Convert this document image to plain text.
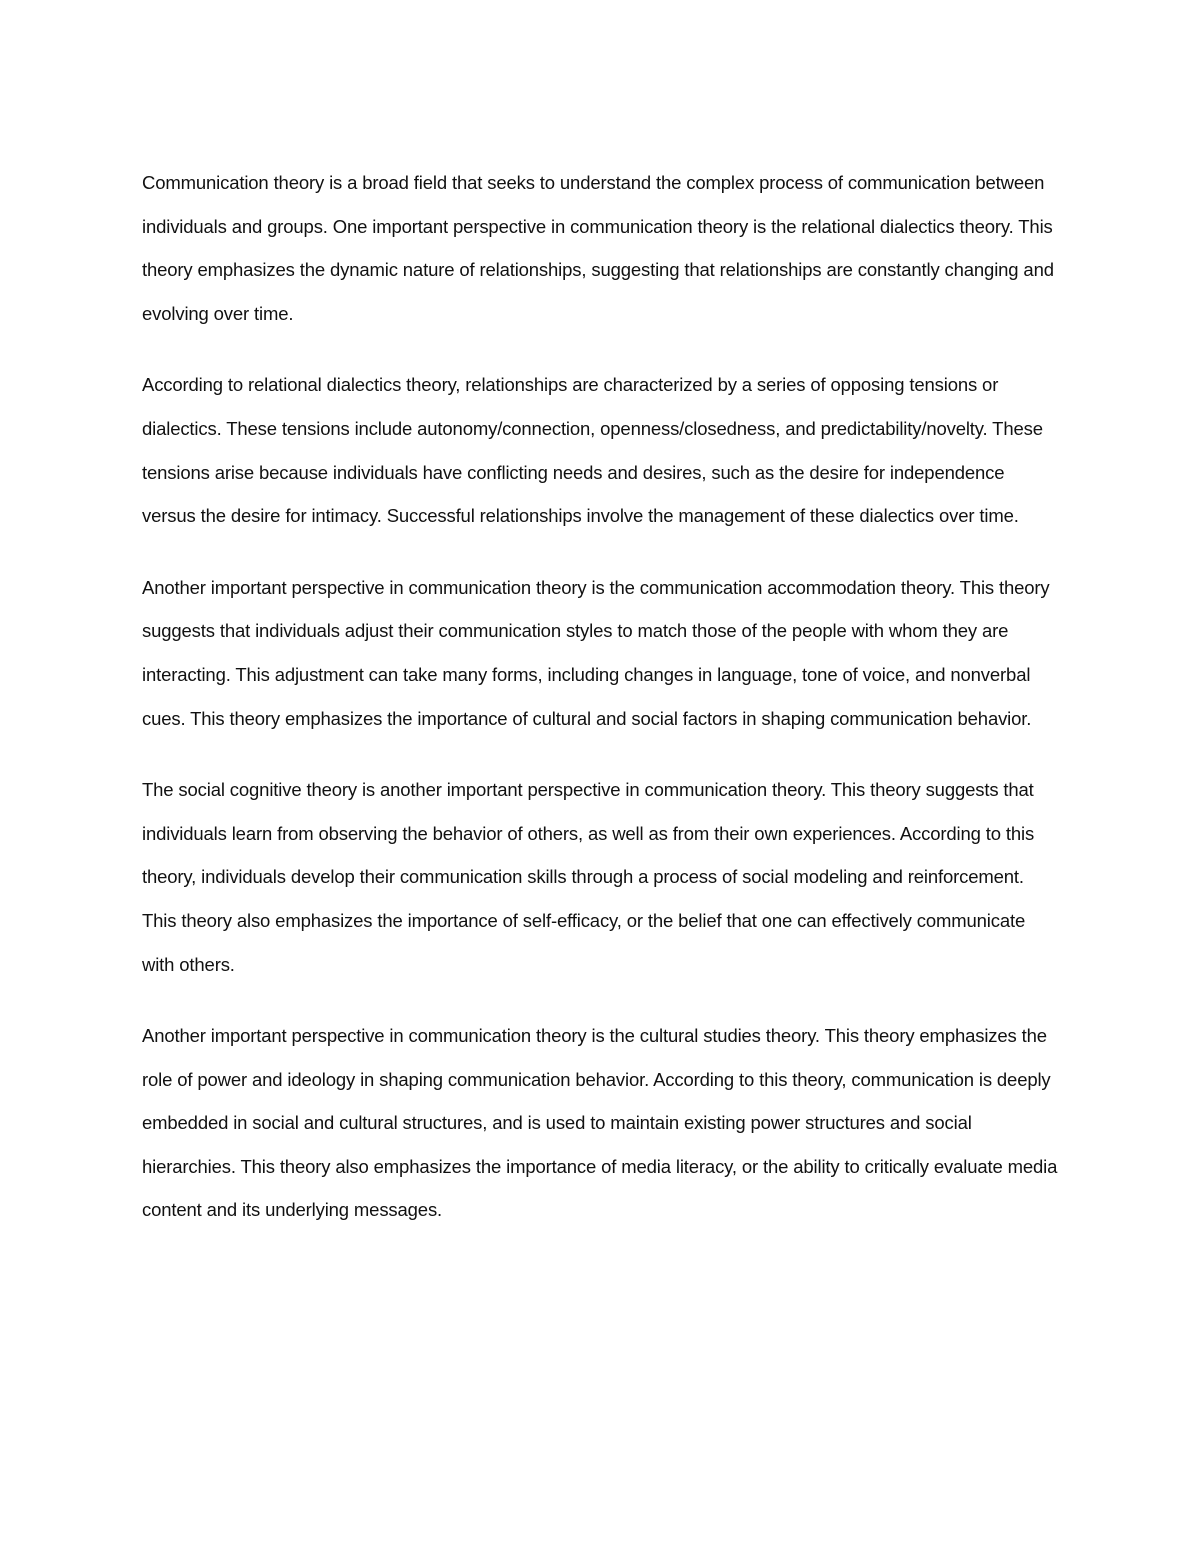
Communication theory is a broad field that seeks to understand the complex process of communication between individuals and groups. One important perspective in communication theory is the relational dialectics theory. This theory emphasizes the dynamic nature of relationships, suggesting that relationships are constantly changing and evolving over time.

According to relational dialectics theory, relationships are characterized by a series of opposing tensions or dialectics. These tensions include autonomy/connection, openness/closedness, and predictability/novelty. These tensions arise because individuals have conflicting needs and desires, such as the desire for independence versus the desire for intimacy. Successful relationships involve the management of these dialectics over time.

Another important perspective in communication theory is the communication accommodation theory. This theory suggests that individuals adjust their communication styles to match those of the people with whom they are interacting. This adjustment can take many forms, including changes in language, tone of voice, and nonverbal cues. This theory emphasizes the importance of cultural and social factors in shaping communication behavior.

The social cognitive theory is another important perspective in communication theory. This theory suggests that individuals learn from observing the behavior of others, as well as from their own experiences. According to this theory, individuals develop their communication skills through a process of social modeling and reinforcement. This theory also emphasizes the importance of self-efficacy, or the belief that one can effectively communicate with others.

Another important perspective in communication theory is the cultural studies theory. This theory emphasizes the role of power and ideology in shaping communication behavior. According to this theory, communication is deeply embedded in social and cultural structures, and is used to maintain existing power structures and social hierarchies. This theory also emphasizes the importance of media literacy, or the ability to critically evaluate media content and its underlying messages.
